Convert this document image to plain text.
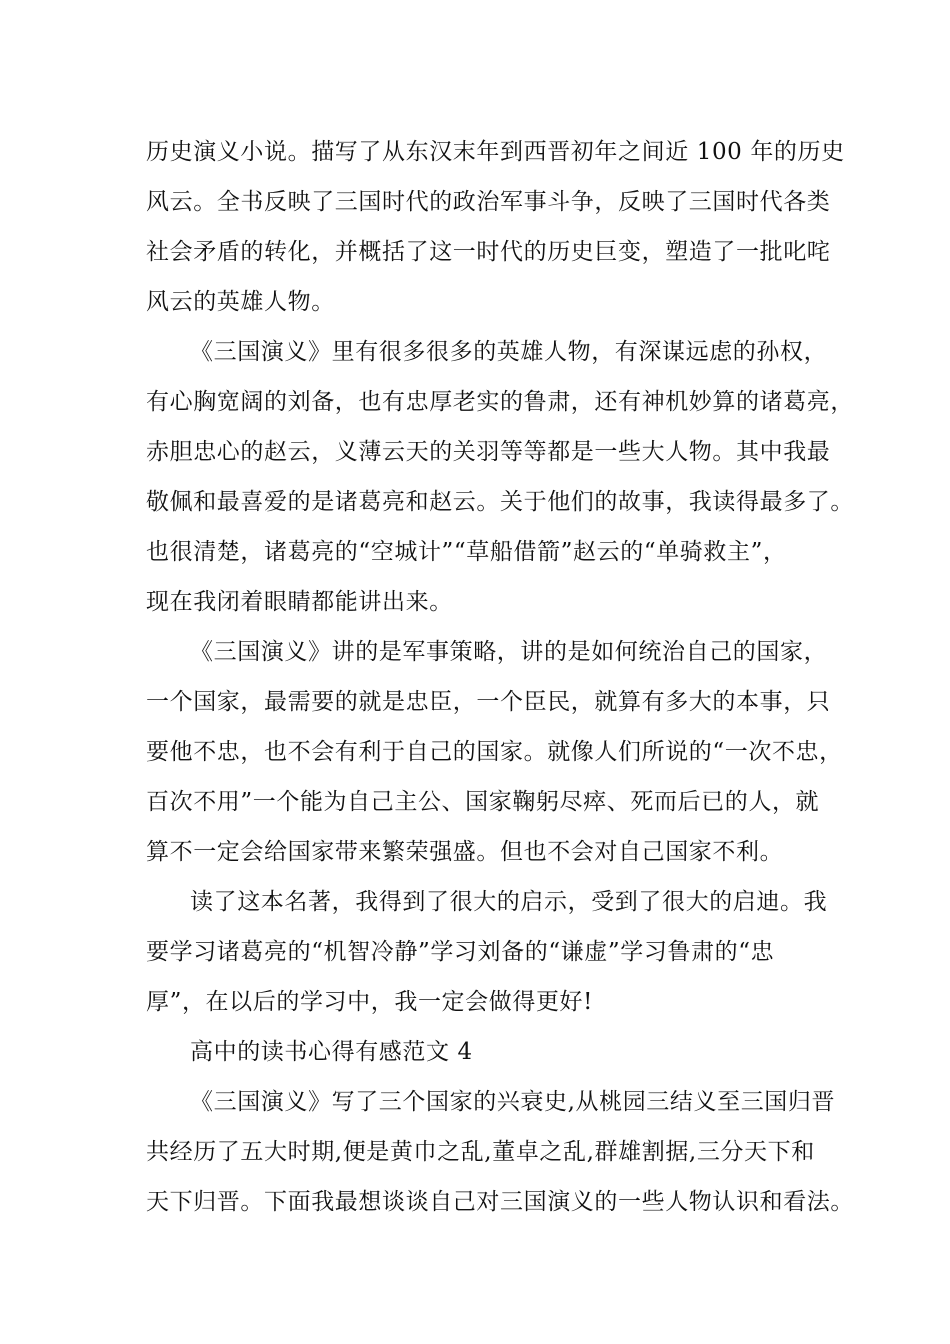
历史演义小说。描写了从东汉末年到西晋初年之间近 100 年的历史
风云。全书反映了三国时代的政治军事斗争，反映了三国时代各类
社会矛盾的转化，并概括了这一时代的历史巨变，塑造了一批叱咤
风云的英雄人物。
《三国演义》里有很多很多的英雄人物，有深谋远虑的孙权，
有心胸宽阔的刘备，也有忠厚老实的鲁肃，还有神机妙算的诸葛亮，
赤胆忠心的赵云，义薄云天的关羽等等都是一些大人物。其中我最
敬佩和最喜爱的是诸葛亮和赵云。关于他们的故事，我读得最多了。
也很清楚，诸葛亮的“空城计”“草船借箭”赵云的“单骑救主”，
现在我闭着眼睛都能讲出来。
《三国演义》讲的是军事策略，讲的是如何统治自己的国家，
一个国家，最需要的就是忠臣，一个臣民，就算有多大的本事，只
要他不忠，也不会有利于自己的国家。就像人们所说的“一次不忠，
百次不用”一个能为自己主公、国家鞠躬尽瘁、死而后已的人，就
算不一定会给国家带来繁荣强盛。但也不会对自己国家不利。
读了这本名著，我得到了很大的启示，受到了很大的启迪。我
要学习诸葛亮的“机智冷静”学习刘备的“谦虚”学习鲁肃的“忠
厚”，在以后的学习中，我一定会做得更好!
高中的读书心得有感范文 4
《三国演义》写了三个国家的兴衰史,从桃园三结义至三国归晋
共经历了五大时期,便是黄巾之乱,董卓之乱,群雄割据,三分天下和
天下归晋。下面我最想谈谈自己对三国演义的一些人物认识和看法。
